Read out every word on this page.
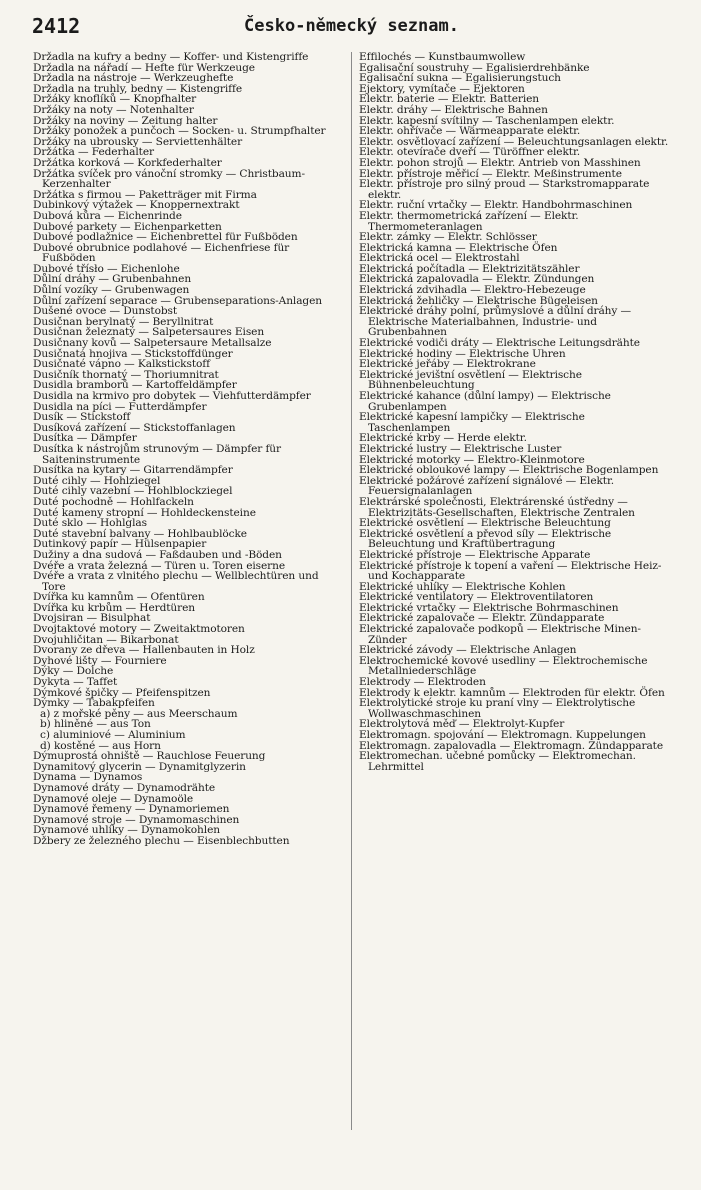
2412	Česko-německý seznam.
Držadla na kufry a bedny — Koffer- und Kistengriffe
Držadla na nářadí — Hefte für Werkzeuge
Držadla na nástroje — Werkzeughefte
Držadla na truhly, bedny — Kistengriffe
Držáky knoflíků — Knopfhalter
Držáky na noty — Notenhalter
Držáky na noviny — Zeitung halter
Držáky ponožek a punčoch — Socken- u. Strumpfhalter
Držáky na ubrousky — Serviettenhälter
Držátka — Federhalter
Držátka korková — Korkfederhalter
Držátka svíček pro vánoční stromky — Christbaum-Kerzenhalter
Držátka s firmou — Paketträger mit Firma
Dubinkový výtažek — Knoppernextrakt
Dubová kůra — Eichenrinde
Dubové parkety — Eichenparketten
Dubové podlažnice — Eichenbrettel für Fußböden
Dubové obrubnice podlahové — Eichenfriese für Fußböden
Dubové třísło — Eichenlohe
Důlní dráhy — Grubenbahnen
Důlní vozíky — Grubenwagen
Důlní zařízení separace — Grubenseparations-Anlagen
Dušené ovoce — Dunstobst
Dusičnan berylnatý — Beryllnitrat
Dusičnan železnatý — Salpetersaures Eisen
Dusičnany kovů — Salpetersaure Metallsalze
Dusičnatá hnojiva — Stickstoffdünger
Dusičnaté vápno — Kalkstickstoff
Dusičník thornatý — Thoriumnitrat
Dusidla bramborů — Kartoffeldämpfer
Dusidla na krmivo pro dobytek — Viehfutterdämpfer
Dusidla na píci — Futterdämpfer
Dusík — Stickstoff
Dusíková zařízení — Stickstoffanlagen
Dusítka — Dämpfer
Dusítka k nástrojům strunovým — Dämpfer für Saiteninstrumente
Dusítka na kytary — Gitarrendämpfer
Duté cihly — Hohlziegel
Duté cihly vazební — Hohlblockziegel
Duté pochodně — Hohlfackeln
Duté kameny stropní — Hohldeckensteine
Duté sklo — Hohlglas
Duté stavební balvany — Hohlbaublöcke
Dutinkový papír — Hülsenpapier
Dužiny a dna sudová — Faßdauben und -Böden
Dvéře a vrata železná — Türen u. Toren eiserne
Dvéře a vrata z vlnitého plechu — Wellblechtüren und Tore
Dvířka ku kamnům — Ofentüren
Dvířka ku krbům — Herdtüren
Dvojsiran — Bisulphat
Dvojtaktové motory — Zweitaktmotoren
Dvojuhličitan — Bikarbonat
Dvorany ze dřeva — Hallenbauten in Holz
Dyhové lišty — Fourniere
Dýky — Dolche
Dykyta — Taffet
Dýmkové špičky — Pfeifenspitzen
Dýmky — Tabakpfeifen
a) z mořské pěny — aus Meerschaum
b) hliněné — aus Ton
c) aluminiové — Aluminium
d) kostěné — aus Horn
Dýmuprostá ohniště — Rauchlose Feuerung
Dynamitový glycerin — Dynamitglyzerin
Dynama — Dynamos
Dynamové dráty — Dynamodrähte
Dynamové oleje — Dynamoöle
Dynamové řemeny — Dynamoriemen
Dynamové stroje — Dynamomaschinen
Dynamové uhlíky — Dynamokohlen
Džbery ze železného plechu — Eisenblechbutten
Effilochés — Kunstbaumwollew
Egalisační soustruhy — Egalisierdrehbänke
Egalisační sukna — Egalisierungstuch
Ejektory, vymítače — Ejektoren
Elektr. baterie — Elektr. Batterien
Elektr. dráhy — Elektrische Bahnen
Elektr. kapesní svítilny — Taschenlampen elektr.
Elektr. ohřívače — Wärmeapparate elektr.
Elektr. osvětlovací zařízení — Beleuchtungsanlagen elektr.
Elektr. otevírače dveří — Türöffner elektr.
Elektr. pohon strojů — Elektr. Antrieb von Masshinen
Elektr. přístroje měřicí — Elektr. Meßinstrumente
Elektr. přístroje pro silný proud — Starkstromapparate elektr.
Elektr. ruční vrtačky — Elektr. Handbohrmaschinen
Elektr. thermometrická zařízení — Elektr. Thermometeranlagen
Elektr. zámky — Elektr. Schlösser
Elektrická kamna — Elektrische Öfen
Elektrická ocel — Elektrostahl
Elektrická počítadla — Elektrizitätszähler
Elektrická zapalovadla — Elektr. Zündungen
Elektrická zdvihadla — Elektro-Hebezeuge
Elektrická žehličky — Elektrische Bügeleisen
Elektrické dráhy polní, průmyslové a důlní dráhy — Elektrische Materialbahnen, Industrie- und Grubenbahnen
Elektrické vodiči dráty — Elektrische Leitungsdrähte
Elektrické hodiny — Elektrische Uhren
Elektrické jeřáby — Elektrokrane
Elektrické jevištní osvětlení — Elektrische Bühnenbeleuchtung
Elektrické kahance (důlní lampy) — Elektrische Grubenlampen
Elektrické kapesní lampičky — Elektrische Taschenlampen
Elektrické krby — Herde elektr.
Elektrické lustry — Elektrische Luster
Elektrické motorky — Elektro-Kleinmotore
Elektrické obloukové lampy — Elektrische Bogenlampen
Elektrické požárové zařízení signálové — Elektr. Feuersignalanlagen
Elektrárské společnosti, Elektrárenské ústředny — Elektrizitäts-Gesellschaften, Elektrische Zentralen
Elektrické osvětlení — Elektrische Beleuchtung
Elektrické osvětlení a převod síly — Elektrische Beleuchtung und Kraftübertragung
Elektrické přístroje — Elektrische Apparate
Elektrické přístroje k topení a vaření — Elektrische Heiz- und Kochapparate
Elektrické uhlíky — Elektrische Kohlen
Elektrické ventilatory — Elektroventilatoren
Elektrické vrtačky — Elektrische Bohrmaschinen
Elektrické zapalovače — Elektr. Zündapparate
Elektrické zapalovače podkopů — Elektrische Minen-Zünder
Elektrické závody — Elektrische Anlagen
Elektrochemické kovové usedliny — Elektrochemische Metallniederschläge
Elektrody — Elektroden
Elektrody k elektr. kamnům — Elektroden für elektr. Öfen
Elektrolytické stroje ku praní vlny — Elektrolytische Wollwaschmaschinen
Elektrolytová měď — Elektrolyt-Kupfer
Elektromagn. spojování — Elektromagn. Kuppelungen
Elektromagn. zapalovadla — Elektromagn. Zündapparate
Elektromechan. učebné pomůcky — Elektromechan. Lehrmittel
